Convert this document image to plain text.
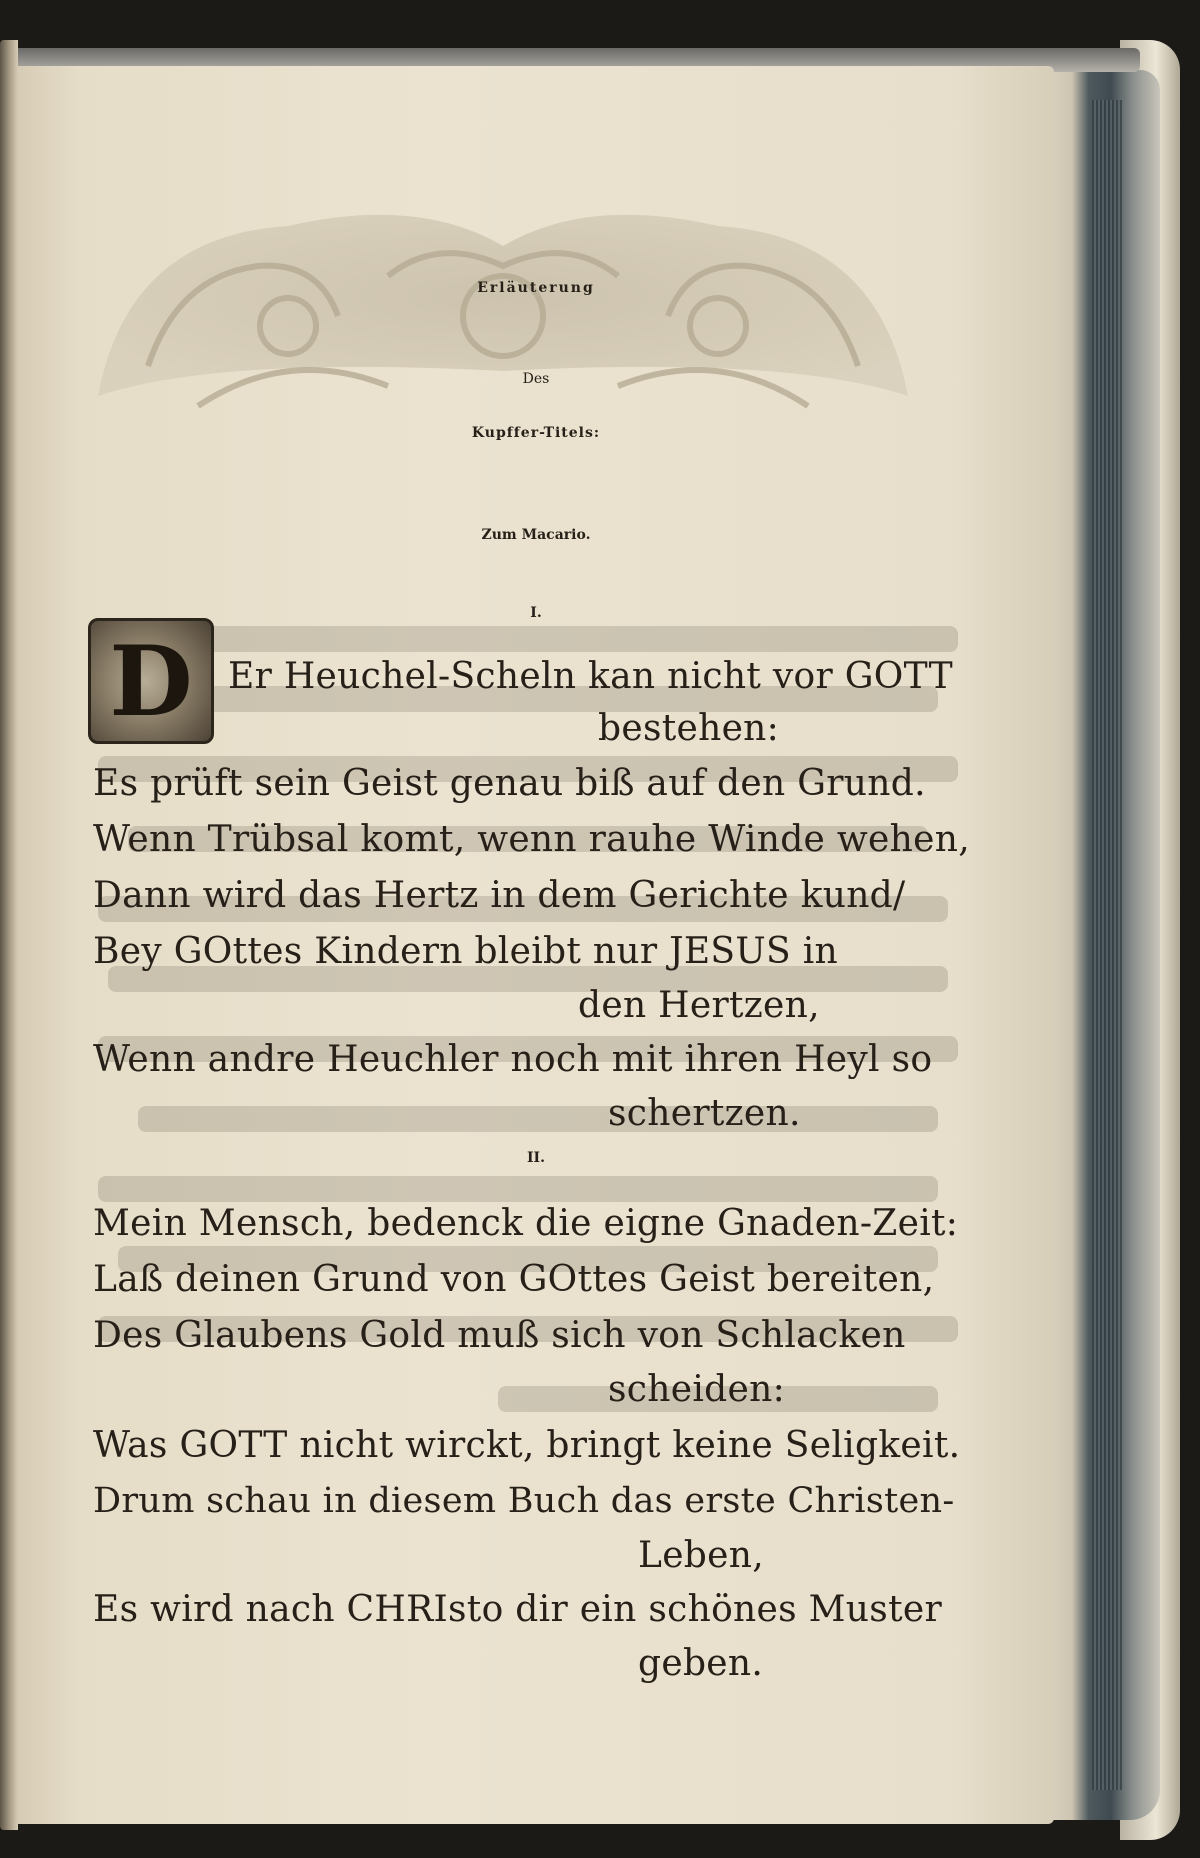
Erläuterung
Des
Kupffer-Titels:
Zum Macario.
I.
D Er Heuchel-Scheln kan nicht vor GOTT
bestehen:
Es prüft sein Geist genau biß auf den Grund.
Wenn Trübsal komt, wenn rauhe Winde wehen,
Dann wird das Hertz in dem Gerichte kund/
Bey GOttes Kindern bleibt nur JESUS in
den Hertzen,
Wenn andre Heuchler noch mit ihren Heyl so
schertzen.
II.
Mein Mensch, bedenck die eigne Gnaden-Zeit:
Laß deinen Grund von GOttes Geist bereiten,
Des Glaubens Gold muß sich von Schlacken
scheiden:
Was GOTT nicht wirckt, bringt keine Seligkeit.
Drum schau in diesem Buch das erste Christen-
Leben,
Es wird nach CHRIsto dir ein schönes Muster
geben.
